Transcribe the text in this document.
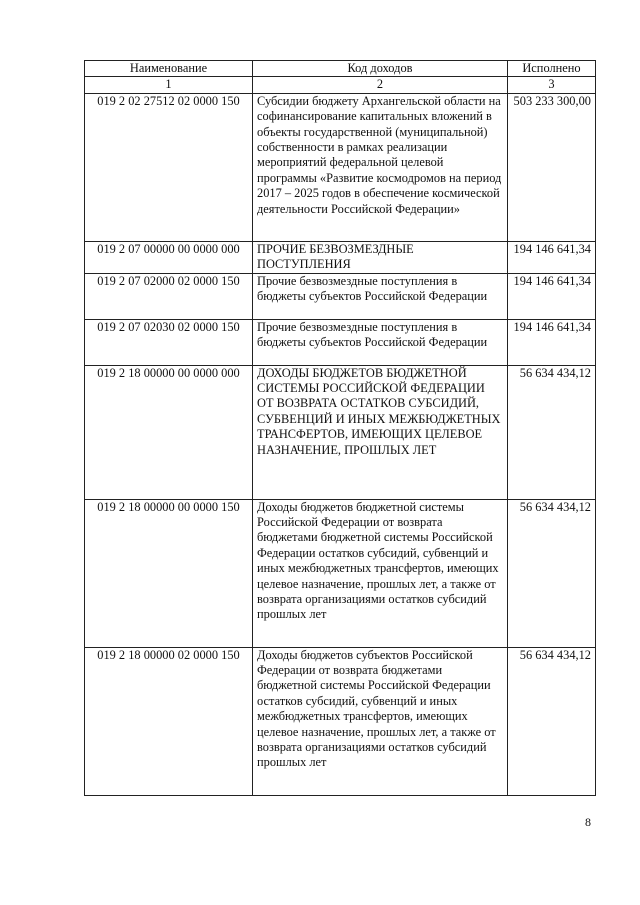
Наименование	Код доходов	Исполнено
1	2	3
019 2 02 27512 02 0000 150	Субсидии бюджету Архангельской области на софинансирование капитальных вложений в объекты государственной (муниципальной) собственности в рамках реализации мероприятий федеральной целевой программы «Развитие космодромов на период 2017 – 2025 годов в обеспечение космической деятельности Российской Федерации»	503 233 300,00
019 2 07 00000 00 0000 000	ПРОЧИЕ БЕЗВОЗМЕЗДНЫЕ ПОСТУПЛЕНИЯ	194 146 641,34
019 2 07 02000 02 0000 150	Прочие безвозмездные поступления в бюджеты субъектов Российской Федерации	194 146 641,34
019 2 07 02030 02 0000 150	Прочие безвозмездные поступления в бюджеты субъектов Российской Федерации	194 146 641,34
019 2 18 00000 00 0000 000	ДОХОДЫ БЮДЖЕТОВ БЮДЖЕТНОЙ СИСТЕМЫ РОССИЙСКОЙ ФЕДЕРАЦИИ ОТ ВОЗВРАТА ОСТАТКОВ СУБСИДИЙ, СУБВЕНЦИЙ И ИНЫХ МЕЖБЮДЖЕТНЫХ ТРАНСФЕРТОВ, ИМЕЮЩИХ ЦЕЛЕВОЕ НАЗНАЧЕНИЕ, ПРОШЛЫХ ЛЕТ	56 634 434,12
019 2 18 00000 00 0000 150	Доходы бюджетов бюджетной системы Российской Федерации от возврата бюджетами бюджетной системы Российской Федерации остатков субсидий, субвенций и иных межбюджетных трансфертов, имеющих целевое назначение, прошлых лет, а также от возврата организациями остатков субсидий прошлых лет	56 634 434,12
019 2 18 00000 02 0000 150	Доходы бюджетов субъектов Российской Федерации от возврата бюджетами бюджетной системы Российской Федерации остатков субсидий, субвенций и иных межбюджетных трансфертов, имеющих целевое назначение, прошлых лет, а также от возврата организациями остатков субсидий прошлых лет	56 634 434,12
8
